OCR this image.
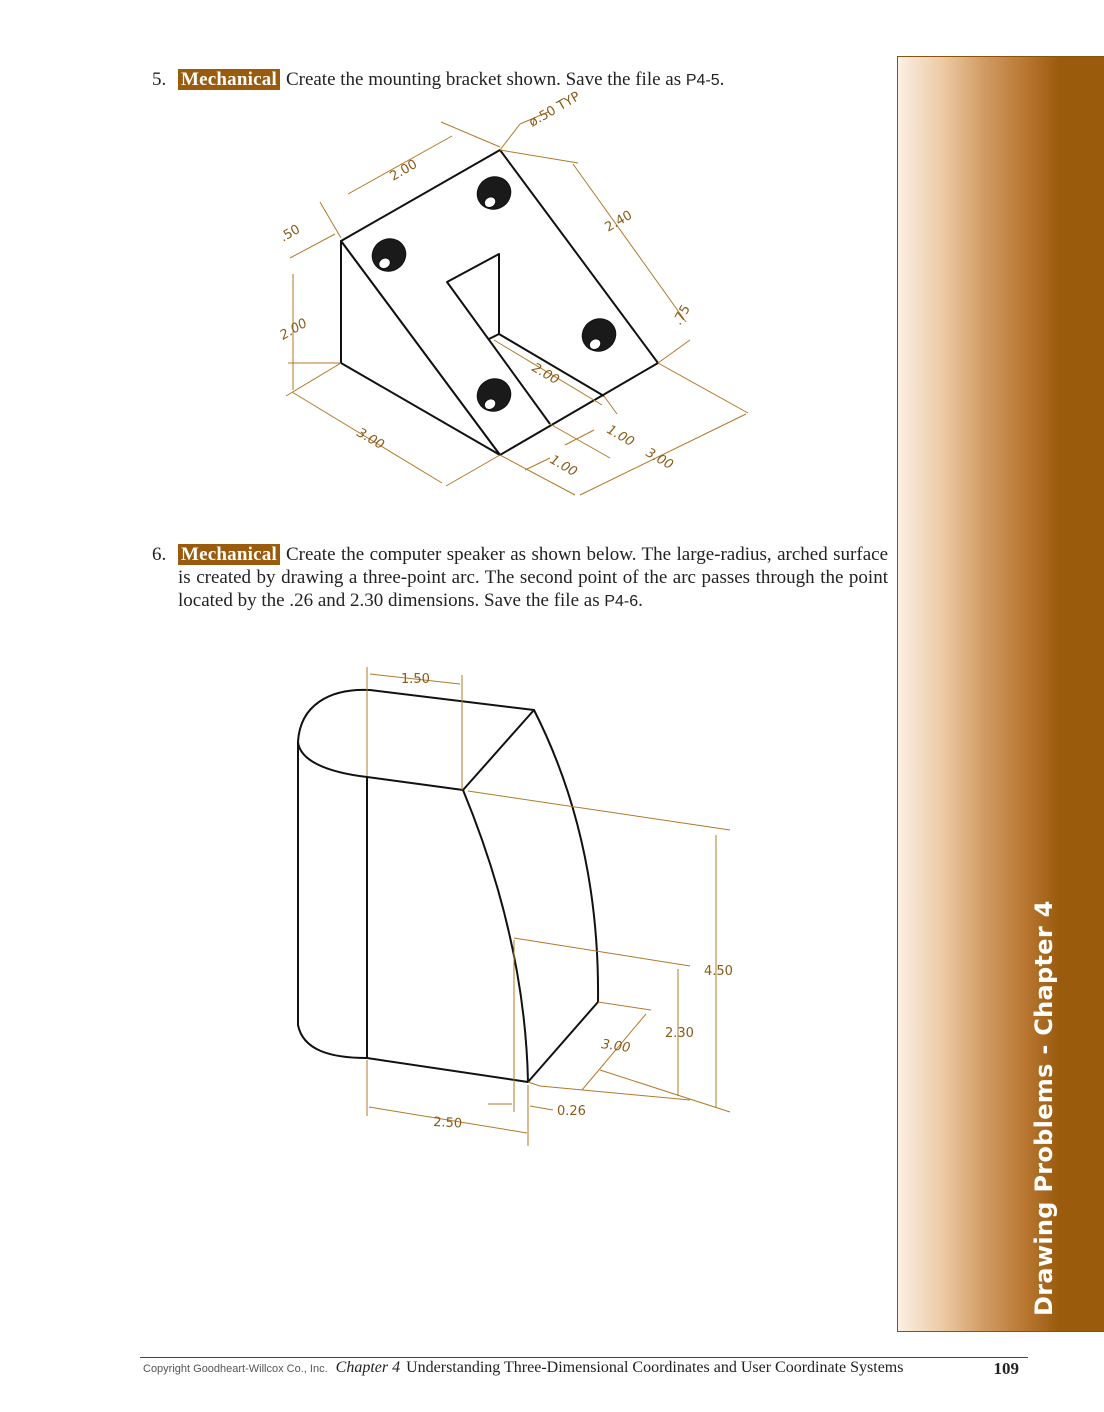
5. Mechanical Create the mounting bracket shown. Save the file as P4-5.
2.00
ø.50 TYP
2.40
.50
2.00
.75
2.00
3.00	1.00
1.00	3.00
6. Mechanical Create the computer speaker as shown below. The large-radius, arched surface is created by drawing a three-point arc. The second point of the arc passes through the point located by the .26 and 2.30 dimensions. Save the file as P4-6.
1.50
4.50
2.30
3.00
2.50
0.26	Drawing Problems - Chapter 4
Copyright Goodheart-Willcox Co., Inc. Chapter 4 Understanding Three-Dimensional Coordinates and User Coordinate Systems	109
